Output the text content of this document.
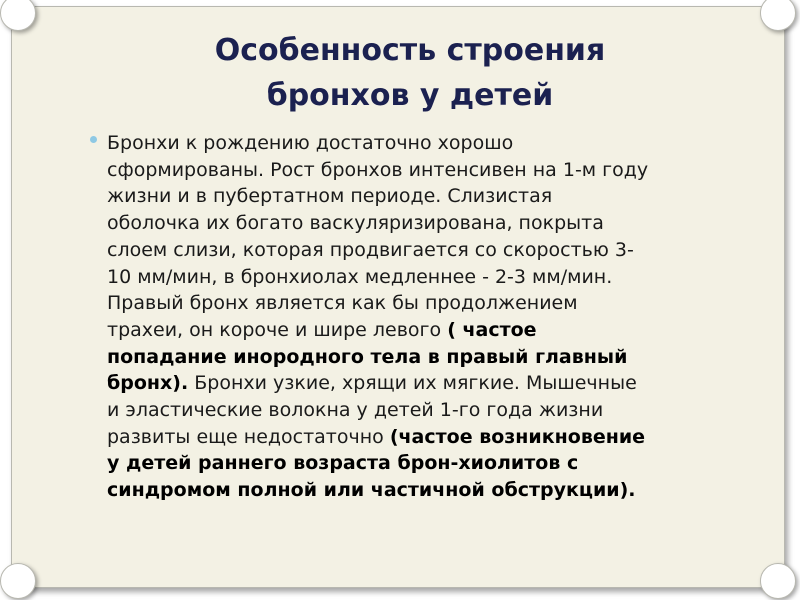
Особенность строения
бронхов у детей
Бронхи к рождению достаточно хорошо
сформированы. Рост бронхов интенсивен на 1-м году
жизни и в пубертатном периоде. Слизистая
оболочка их богато васкуляризирована, покрыта
слоем слизи, которая продвигается со скоростью 3-
10 мм/мин, в бронхиолах медленнее - 2-3 мм/мин.
Правый бронх является как бы продолжением
трахеи, он короче и шире левого ( частое
попадание инородного тела в правый главный
бронх). Бронхи узкие, хрящи их мягкие. Мышечные
и эластические волокна у детей 1-го года жизни
развиты еще недостаточно (частое возникновение
у детей раннего возраста брон-хиолитов с
синдромом полной или частичной обструкции).
